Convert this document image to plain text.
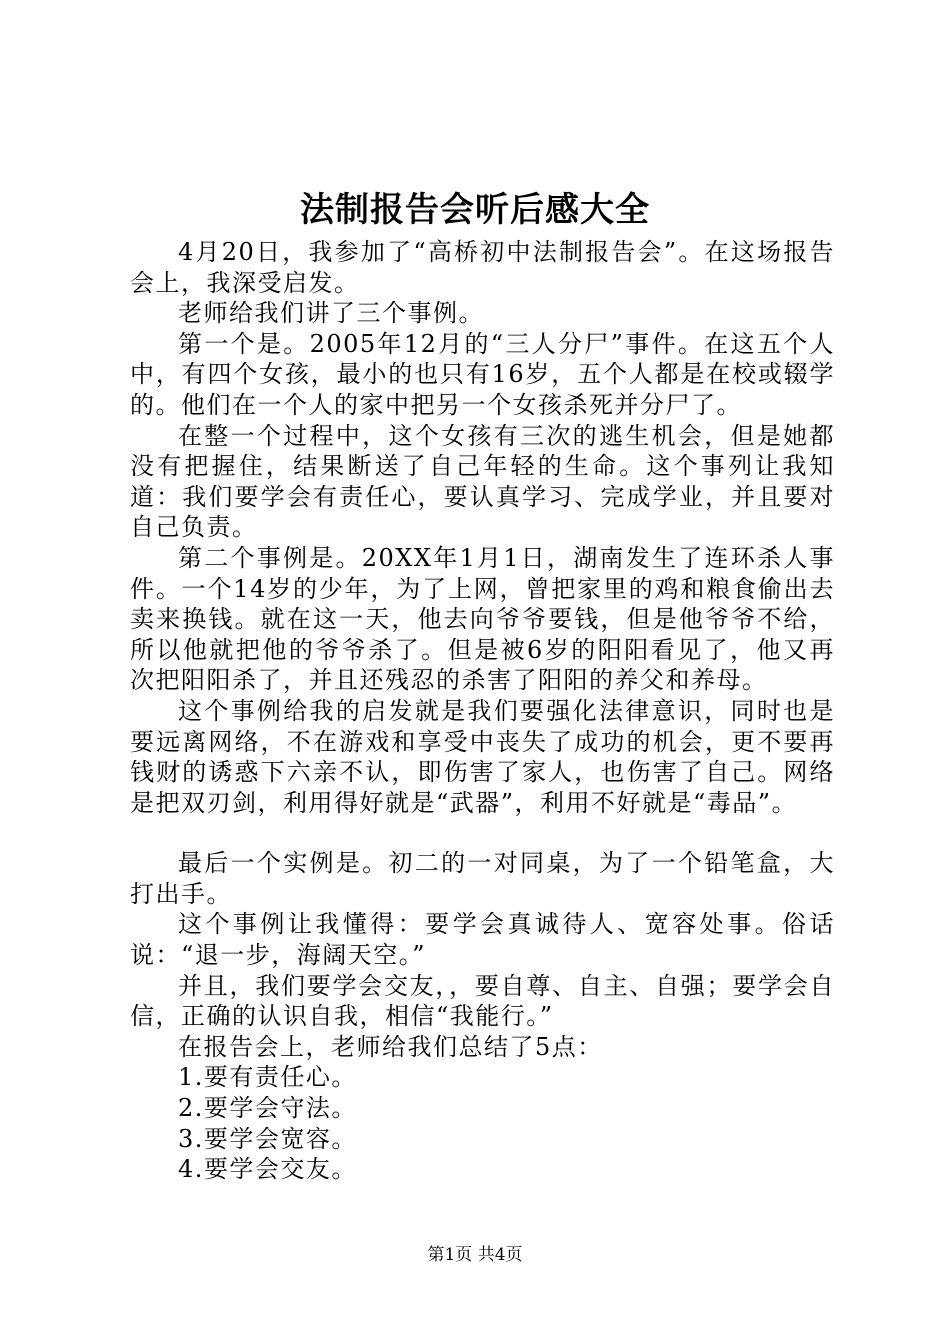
法制报告会听后感大全

4月20日，我参加了“高桥初中法制报告会”。在这场报告会上，我深受启发。

老师给我们讲了三个事例。

第一个是。2005年12月的“三人分尸”事件。在这五个人中，有四个女孩，最小的也只有16岁，五个人都是在校或辍学的。他们在一个人的家中把另一个女孩杀死并分尸了。

在整一个过程中，这个女孩有三次的逃生机会，但是她都没有把握住，结果断送了自己年轻的生命。这个事列让我知道：我们要学会有责任心，要认真学习、完成学业，并且要对自己负责。

第二个事例是。20XX年1月1日，湖南发生了连环杀人事件。一个14岁的少年，为了上网，曾把家里的鸡和粮食偷出去卖来换钱。就在这一天，他去向爷爷要钱，但是他爷爷不给，所以他就把他的爷爷杀了。但是被6岁的阳阳看见了，他又再次把阳阳杀了，并且还残忍的杀害了阳阳的养父和养母。

这个事例给我的启发就是我们要强化法律意识，同时也是要远离网络，不在游戏和享受中丧失了成功的机会，更不要再钱财的诱惑下六亲不认，即伤害了家人，也伤害了自己。网络是把双刃剑，利用得好就是“武器”，利用不好就是“毒品”。

最后一个实例是。初二的一对同桌，为了一个铅笔盒，大打出手。

这个事例让我懂得：要学会真诚待人、宽容处事。俗话说：“退一步，海阔天空。”

并且，我们要学会交友，，要自尊、自主、自强；要学会自信，正确的认识自我，相信“我能行。”

在报告会上，老师给我们总结了5点：

1.要有责任心。

2.要学会守法。

3.要学会宽容。

4.要学会交友。

第1页 共4页
